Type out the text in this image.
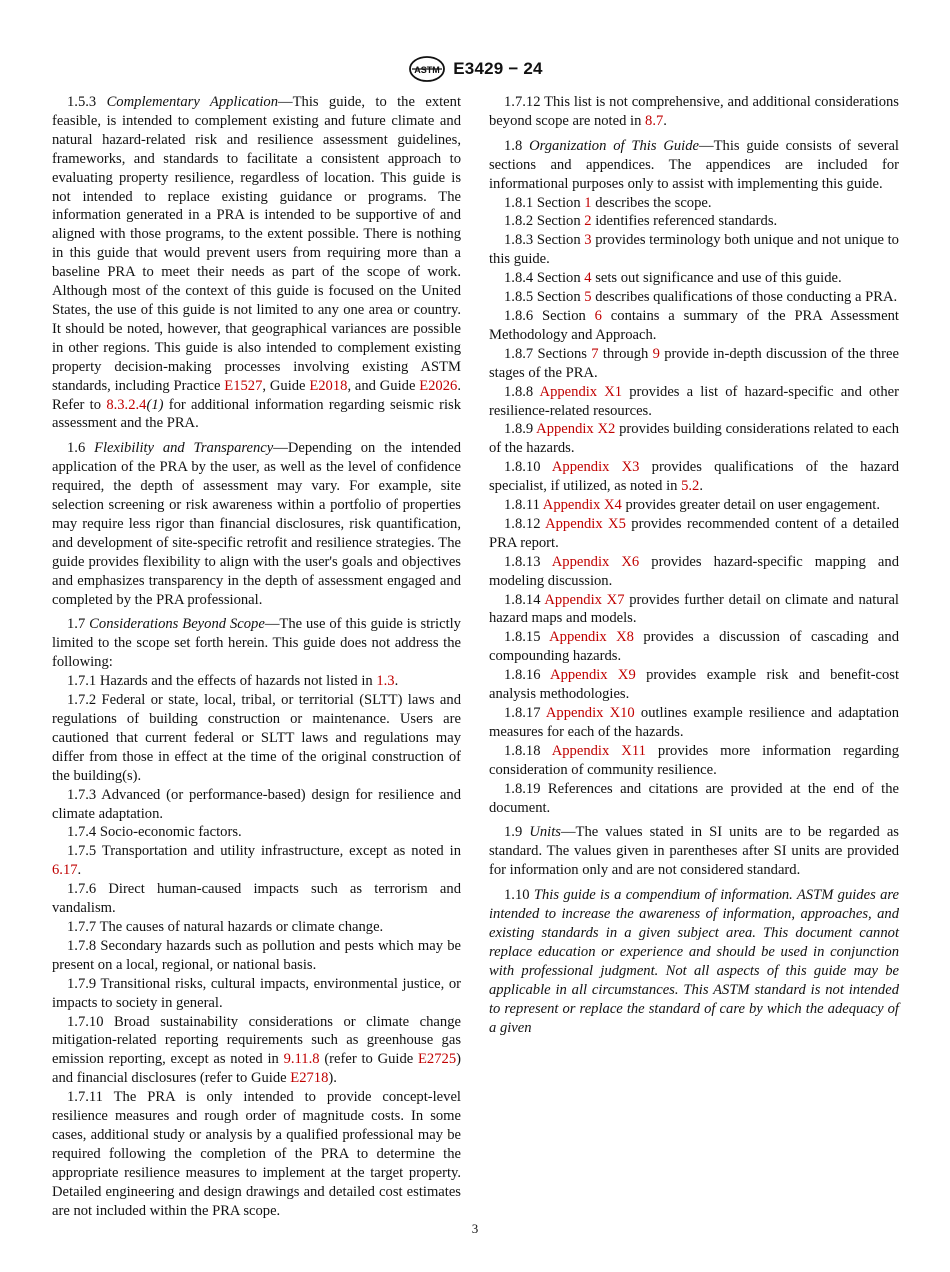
ASTM E3429 − 24

1.5.3 Complementary Application—This guide, to the extent feasible, is intended to complement existing and future climate and natural hazard-related risk and resilience assessment guidelines, frameworks, and standards to facilitate a consistent approach to evaluating property resilience, regardless of location. This guide is not intended to replace existing guidance or programs. The information generated in a PRA is intended to be supportive of and aligned with those programs, to the extent possible. There is nothing in this guide that would prevent users from requiring more than a baseline PRA to meet their needs as part of the scope of work. Although most of the context of this guide is focused on the United States, the use of this guide is not limited to any one area or country. It should be noted, however, that geographical variances are possible in other regions. This guide is also intended to complement existing property decision-making processes involving existing ASTM standards, including Practice E1527, Guide E2018, and Guide E2026. Refer to 8.3.2.4(1) for additional information regarding seismic risk assessment and the PRA.

1.6 Flexibility and Transparency—Depending on the intended application of the PRA by the user, as well as the level of confidence required, the depth of assessment may vary. For example, site selection screening or risk awareness within a portfolio of properties may require less rigor than financial disclosures, risk quantification, and development of site-specific retrofit and resilience strategies. The guide provides flexibility to align with the user's goals and objectives and emphasizes transparency in the depth of assessment engaged and completed by the PRA professional.

1.7 Considerations Beyond Scope—The use of this guide is strictly limited to the scope set forth herein. This guide does not address the following:

1.7.1 Hazards and the effects of hazards not listed in 1.3.

1.7.2 Federal or state, local, tribal, or territorial (SLTT) laws and regulations of building construction or maintenance. Users are cautioned that current federal or SLTT laws and regulations may differ from those in effect at the time of the original construction of the building(s).

1.7.3 Advanced (or performance-based) design for resilience and climate adaptation.

1.7.4 Socio-economic factors.

1.7.5 Transportation and utility infrastructure, except as noted in 6.17.

1.7.6 Direct human-caused impacts such as terrorism and vandalism.

1.7.7 The causes of natural hazards or climate change.

1.7.8 Secondary hazards such as pollution and pests which may be present on a local, regional, or national basis.

1.7.9 Transitional risks, cultural impacts, environmental justice, or impacts to society in general.

1.7.10 Broad sustainability considerations or climate change mitigation-related reporting requirements such as greenhouse gas emission reporting, except as noted in 9.11.8 (refer to Guide E2725) and financial disclosures (refer to Guide E2718).

1.7.11 The PRA is only intended to provide concept-level resilience measures and rough order of magnitude costs. In some cases, additional study or analysis by a qualified professional may be required following the completion of the PRA to determine the appropriate resilience measures to implement at the target property. Detailed engineering and design drawings and detailed cost estimates are not included within the PRA scope.

1.7.12 This list is not comprehensive, and additional considerations beyond scope are noted in 8.7.

1.8 Organization of This Guide—This guide consists of several sections and appendices. The appendices are included for informational purposes only to assist with implementing this guide.

1.8.1 Section 1 describes the scope.

1.8.2 Section 2 identifies referenced standards.

1.8.3 Section 3 provides terminology both unique and not unique to this guide.

1.8.4 Section 4 sets out significance and use of this guide.

1.8.5 Section 5 describes qualifications of those conducting a PRA.

1.8.6 Section 6 contains a summary of the PRA Assessment Methodology and Approach.

1.8.7 Sections 7 through 9 provide in-depth discussion of the three stages of the PRA.

1.8.8 Appendix X1 provides a list of hazard-specific and other resilience-related resources.

1.8.9 Appendix X2 provides building considerations related to each of the hazards.

1.8.10 Appendix X3 provides qualifications of the hazard specialist, if utilized, as noted in 5.2.

1.8.11 Appendix X4 provides greater detail on user engagement.

1.8.12 Appendix X5 provides recommended content of a detailed PRA report.

1.8.13 Appendix X6 provides hazard-specific mapping and modeling discussion.

1.8.14 Appendix X7 provides further detail on climate and natural hazard maps and models.

1.8.15 Appendix X8 provides a discussion of cascading and compounding hazards.

1.8.16 Appendix X9 provides example risk and benefit-cost analysis methodologies.

1.8.17 Appendix X10 outlines example resilience and adaptation measures for each of the hazards.

1.8.18 Appendix X11 provides more information regarding consideration of community resilience.

1.8.19 References and citations are provided at the end of the document.

1.9 Units—The values stated in SI units are to be regarded as standard. The values given in parentheses after SI units are provided for information only and are not considered standard.

1.10 This guide is a compendium of information. ASTM guides are intended to increase the awareness of information, approaches, and existing standards in a given subject area. This document cannot replace education or experience and should be used in conjunction with professional judgment. Not all aspects of this guide may be applicable in all circumstances. This ASTM standard is not intended to represent or replace the standard of care by which the adequacy of a given

3
